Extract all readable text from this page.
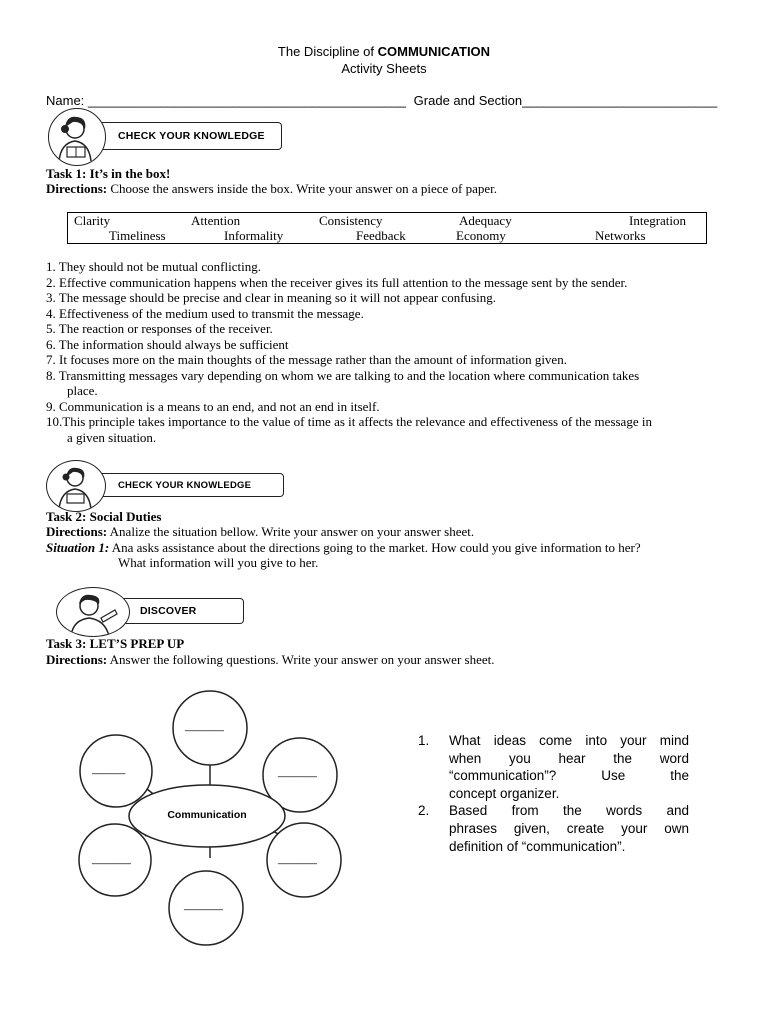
The Discipline of COMMUNICATION
Activity Sheets
Name: ____________________________________________ Grade and Section___________________________
CHECK YOUR KNOWLEDGE
Task 1: It’s in the box!
Directions: Choose the answers inside the box. Write your answer on a piece of paper.
Clarity	Attention	Consistency	Adequacy	Integration
Timeliness	Informality	Feedback	Economy	Networks
1. They should not be mutual conflicting.
2. Effective communication happens when the receiver gives its full attention to the message sent by the sender.
3. The message should be precise and clear in meaning so it will not appear confusing.
4. Effectiveness of the medium used to transmit the message.
5. The reaction or responses of the receiver.
6. The information should always be sufficient
7. It focuses more on the main thoughts of the message rather than the amount of information given.
8. Transmitting messages vary depending on whom we are talking to and the location where communication takes
place.
9. Communication is a means to an end, and not an end in itself.
10.This principle takes importance to the value of time as it affects the relevance and effectiveness of the message in
a given situation.
CHECK YOUR KNOWLEDGE
Task 2: Social Duties
Directions: Analize the situation bellow. Write your answer on your answer sheet.
Situation 1: Ana asks assistance about the directions going to the market. How could you give information to her?
What information will you give to her.
DISCOVER
Task 3: LET’S PREP UP
Directions: Answer the following questions. Write your answer on your answer sheet.
_______
______	_______
_______	_______
_______
Communication
1. What ideas come into your mind
when you hear the word
“communication”? Use the
concept organizer.
2. Based from the words and
phrases given, create your own
definition of “communication”.
